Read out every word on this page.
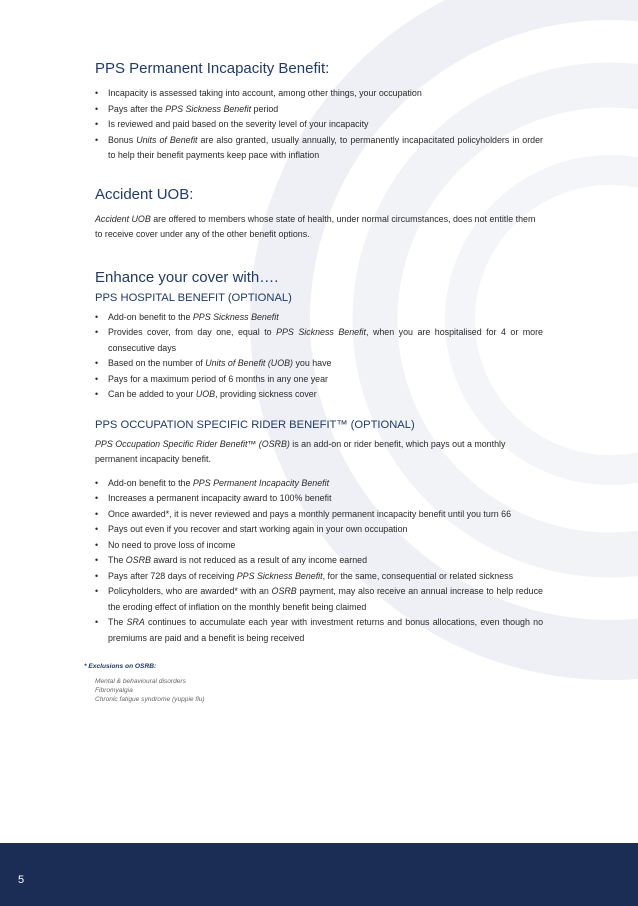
PPS Permanent Incapacity Benefit:
• Incapacity is assessed taking into account, among other things, your occupation
• Pays after the PPS Sickness Benefit period
• Is reviewed and paid based on the severity level of your incapacity
• Bonus Units of Benefit are also granted, usually annually, to permanently incapacitated policyholders in order to help their benefit payments keep pace with inflation
Accident UOB:

Accident UOB are offered to members whose state of health, under normal circumstances, does not entitle them to receive cover under any of the other benefit options.

Enhance your cover with….
PPS HOSPITAL BENEFIT (OPTIONAL)
• Add-on benefit to the PPS Sickness Benefit
• Provides cover, from day one, equal to PPS Sickness Benefit, when you are hospitalised for 4 or more consecutive days
• Based on the number of Units of Benefit (UOB) you have
• Pays for a maximum period of 6 months in any one year
• Can be added to your UOB, providing sickness cover
PPS OCCUPATION SPECIFIC RIDER BENEFIT™ (OPTIONAL)

PPS Occupation Specific Rider Benefit™ (OSRB) is an add-on or rider benefit, which pays out a monthly permanent incapacity benefit.

• Add-on benefit to the PPS Permanent Incapacity Benefit
• Increases a permanent incapacity award to 100% benefit
• Once awarded*, it is never reviewed and pays a monthly permanent incapacity benefit until you turn 66
• Pays out even if you recover and start working again in your own occupation
• No need to prove loss of income
• The OSRB award is not reduced as a result of any income earned
• Pays after 728 days of receiving PPS Sickness Benefit, for the same, consequential or related sickness
• Policyholders, who are awarded* with an OSRB payment, may also receive an annual increase to help reduce the eroding effect of inflation on the monthly benefit being claimed
• The SRA continues to accumulate each year with investment returns and bonus allocations, even though no premiums are paid and a benefit is being received
* Exclusions on OSRB:
Mental & behavioural disorders
Fibromyalgia
Chronic fatigue syndrome (yuppie flu)
5
